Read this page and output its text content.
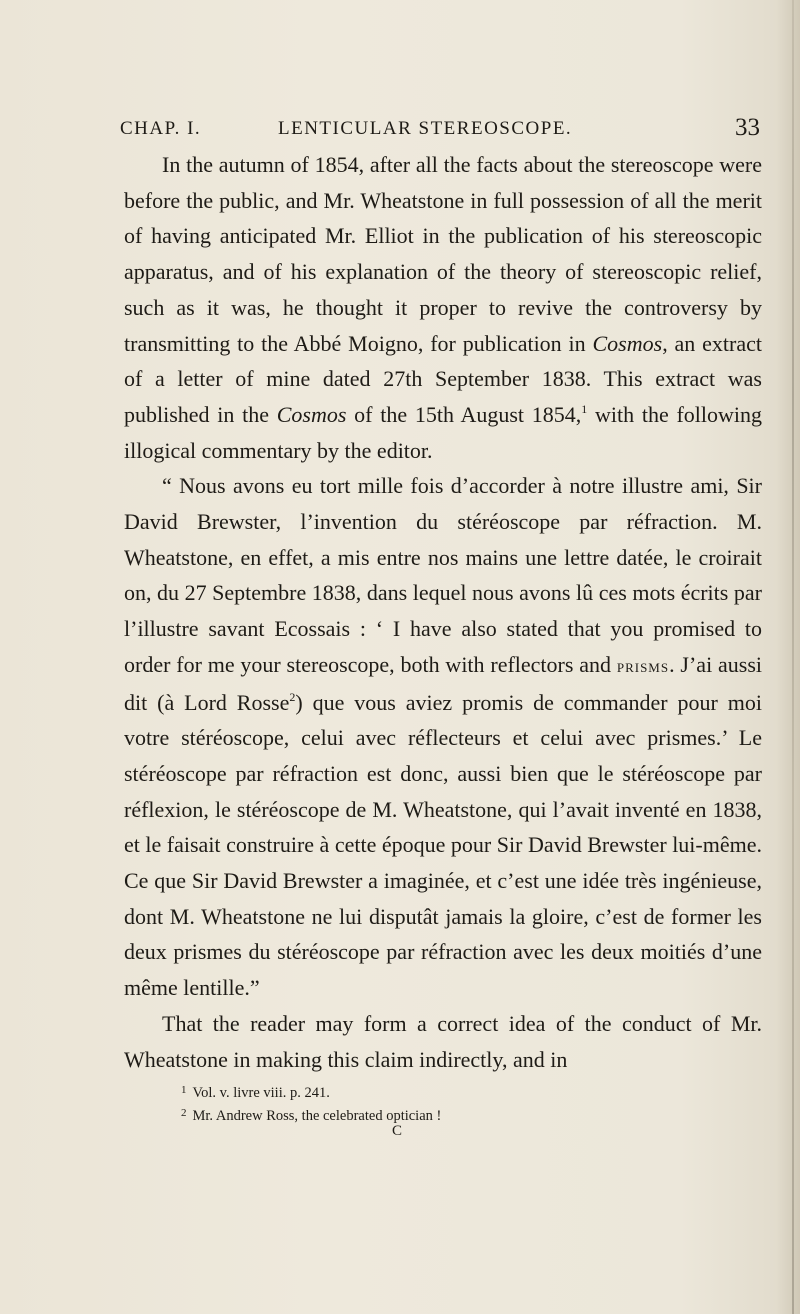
CHAP. I.	LENTICULAR STEREOSCOPE.	33

In the autumn of 1854, after all the facts about the stereoscope were before the public, and Mr. Wheatstone in full possession of all the merit of having anticipated Mr. Elliot in the publication of his stereoscopic apparatus, and of his explanation of the theory of stereoscopic relief, such as it was, he thought it proper to revive the controversy by transmitting to the Abbé Moigno, for publication in Cosmos, an extract of a letter of mine dated 27th September 1838. This extract was published in the Cosmos of the 15th August 1854,$^1$ with the following illogical commentary by the editor.

“ Nous avons eu tort mille fois d’accorder à notre illustre ami, Sir David Brewster, l’invention du stéréoscope par réfraction. M. Wheatstone, en effet, a mis entre nos mains une lettre datée, le croirait on, du 27 Septembre 1838, dans lequel nous avons lû ces mots écrits par l’illustre savant Ecossais : ‘ I have also stated that you promised to order for me your stereoscope, both with reflectors and prisms. J’ai aussi dit (à Lord Rosse$^2$) que vous aviez promis de commander pour moi votre stéréoscope, celui avec réflecteurs et celui avec prismes.’ Le stéréoscope par réfraction est donc, aussi bien que le stéréoscope par réflexion, le stéréoscope de M. Wheatstone, qui l’avait inventé en 1838, et le faisait construire à cette époque pour Sir David Brewster lui-même. Ce que Sir David Brewster a imaginée, et c’est une idée très ingénieuse, dont M. Wheatstone ne lui disputât jamais la gloire, c’est de former les deux prismes du stéréoscope par réfraction avec les deux moitiés d’une même lentille.”

That the reader may form a correct idea of the conduct of Mr. Wheatstone in making this claim indirectly, and in

$^1$ Vol. v. livre viii. p. 241.

$^2$ Mr. Andrew Ross, the celebrated optician !

C
